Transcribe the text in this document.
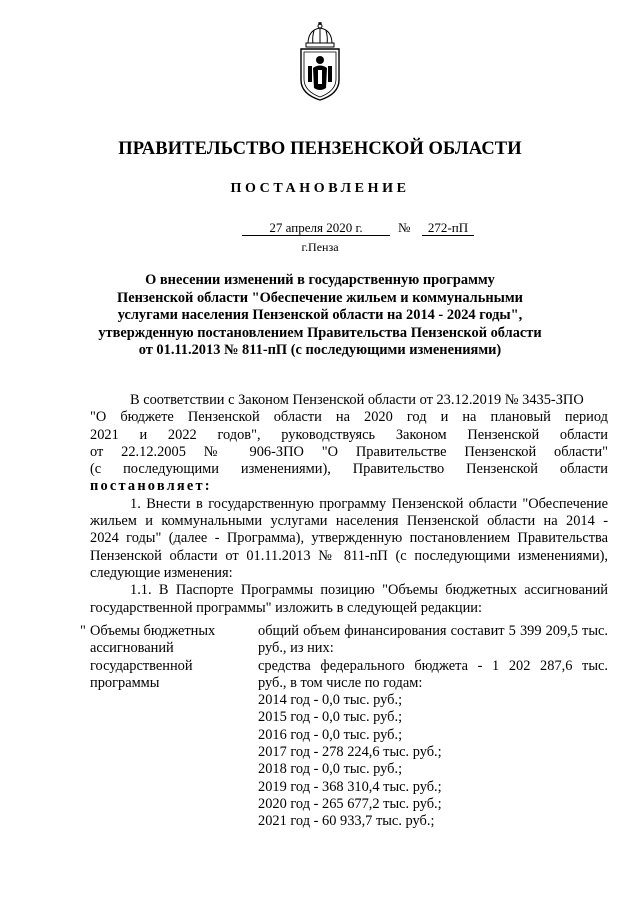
ПРАВИТЕЛЬСТВО ПЕНЗЕНСКОЙ ОБЛАСТИ
ПОСТАНОВЛЕНИЕ
27 апреля 2020 г.	№	272-пП
г.Пенза
О внесении изменений в государственную программу
Пензенской области "Обеспечение жильем и коммунальными
услугами населения Пензенской области на 2014 - 2024 годы",
утвержденную постановлением Правительства Пензенской области
от 01.11.2013 № 811-пП (с последующими изменениями)
В соответствии с Законом Пензенской области от 23.12.2019 № 3435-ЗПО
"О бюджете Пензенской области на 2020 год и на плановый период
2021 и 2022 годов", руководствуясь Законом Пензенской области
от 22.12.2005 № 906-ЗПО "О Правительстве Пензенской области"
(с последующими изменениями), Правительство Пензенской области
постановляет:
1. Внести в государственную программу Пензенской области "Обеспечение
жильем и коммунальными услугами населения Пензенской области на 2014 -
2024 годы" (далее - Программа), утвержденную постановлением Правительства
Пензенской области от 01.11.2013 № 811-пП (с последующими изменениями),
следующие изменения:
1.1. В Паспорте Программы позицию "Объемы бюджетных ассигнований
государственной программы" изложить в следующей редакции:
" Объемы бюджетных
ассигнований
государственной
программы
общий объем финансирования составит 5 399 209,5 тыс.
руб., из них:
средства федерального бюджета - 1 202 287,6 тыс.
руб., в том числе по годам:
2014 год - 0,0 тыс. руб.;
2015 год - 0,0 тыс. руб.;
2016 год - 0,0 тыс. руб.;
2017 год - 278 224,6 тыс. руб.;
2018 год - 0,0 тыс. руб.;
2019 год - 368 310,4 тыс. руб.;
2020 год - 265 677,2 тыс. руб.;
2021 год - 60 933,7 тыс. руб.;
